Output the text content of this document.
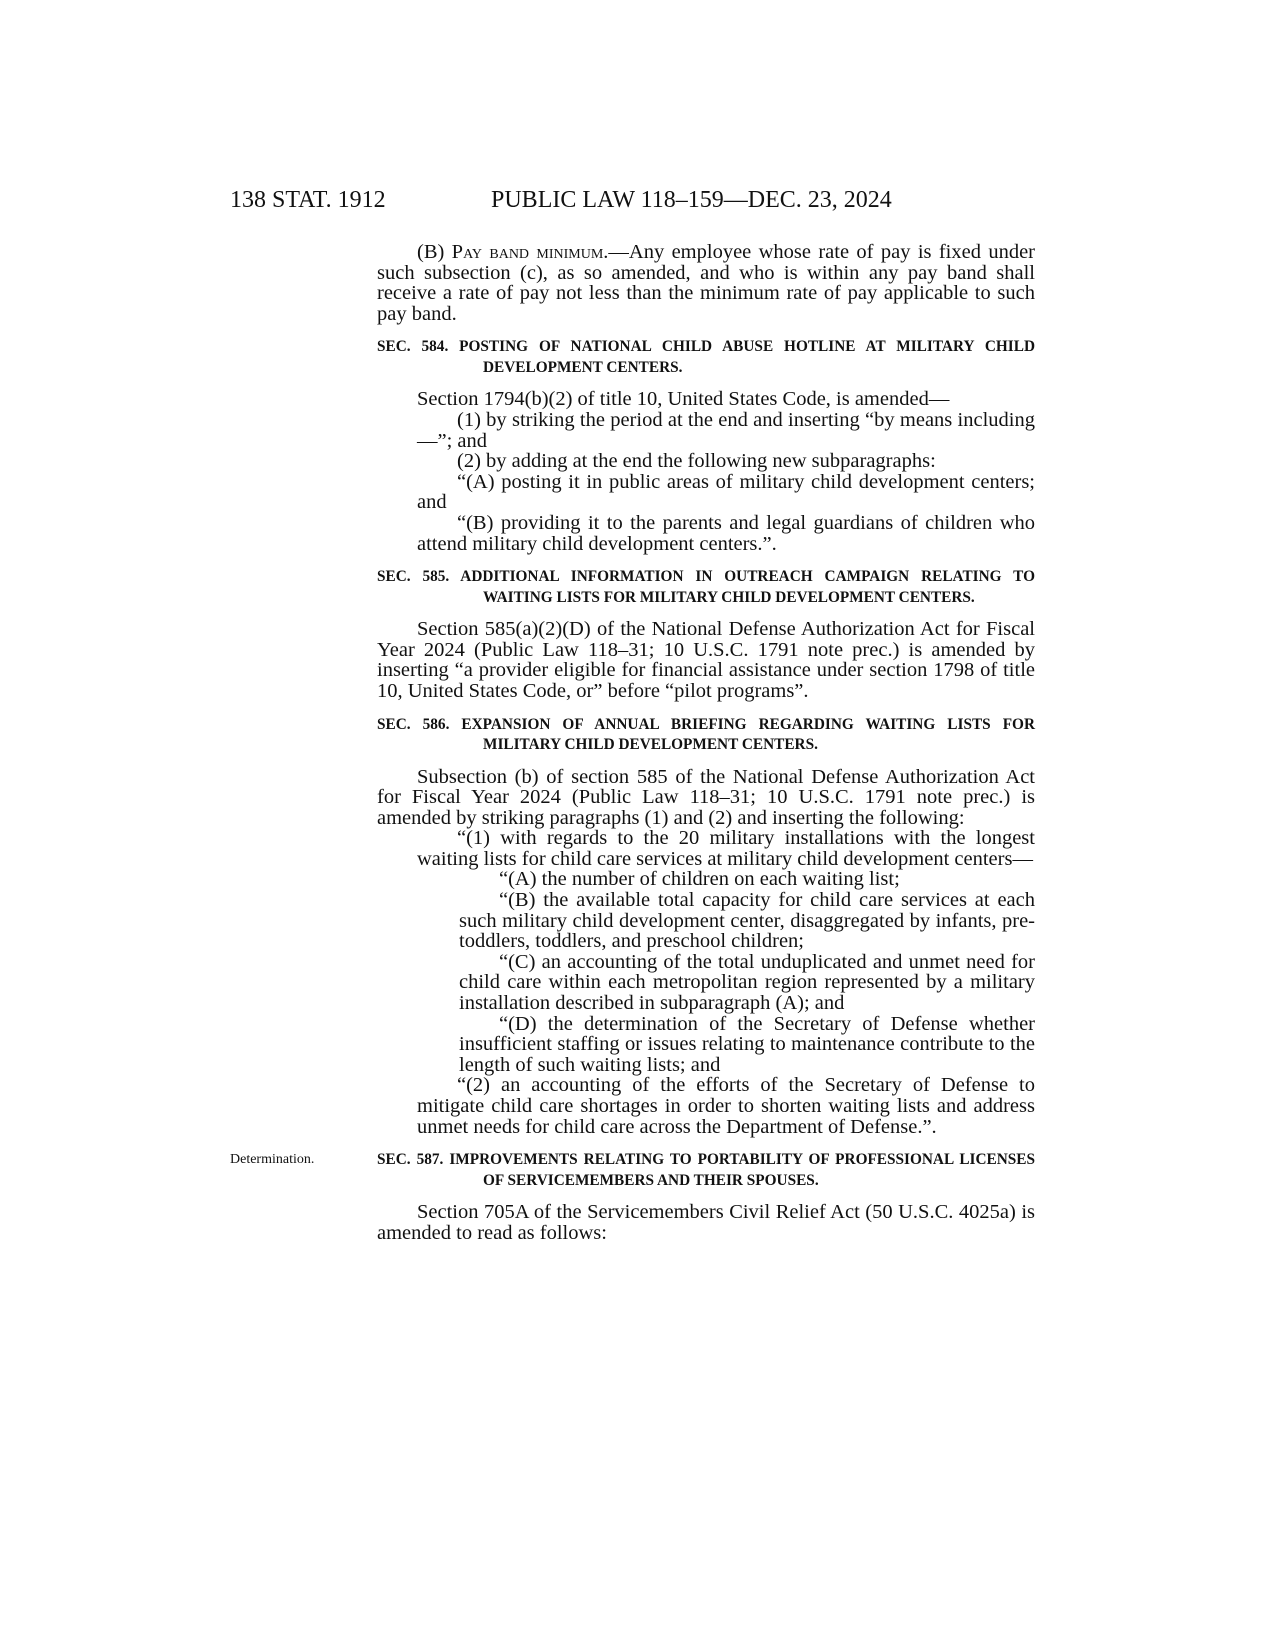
138 STAT. 1912	PUBLIC LAW 118–159—DEC. 23, 2024
Determination.

(B) Pay band minimum.—Any employee whose rate of pay is fixed under such subsection (c), as so amended, and who is within any pay band shall receive a rate of pay not less than the minimum rate of pay applicable to such pay band.

SEC. 584. POSTING OF NATIONAL CHILD ABUSE HOTLINE AT MILITARY CHILD DEVELOPMENT CENTERS.

Section 1794(b)(2) of title 10, United States Code, is amended—

(1) by striking the period at the end and inserting “by means including—”; and

(2) by adding at the end the following new subparagraphs:

“(A) posting it in public areas of military child development centers; and

“(B) providing it to the parents and legal guardians of children who attend military child development centers.”.

SEC. 585. ADDITIONAL INFORMATION IN OUTREACH CAMPAIGN RELATING TO WAITING LISTS FOR MILITARY CHILD DEVELOPMENT CENTERS.

Section 585(a)(2)(D) of the National Defense Authorization Act for Fiscal Year 2024 (Public Law 118–31; 10 U.S.C. 1791 note prec.) is amended by inserting “a provider eligible for financial assistance under section 1798 of title 10, United States Code, or” before “pilot programs”.

SEC. 586. EXPANSION OF ANNUAL BRIEFING REGARDING WAITING LISTS FOR MILITARY CHILD DEVELOPMENT CENTERS.

Subsection (b) of section 585 of the National Defense Authorization Act for Fiscal Year 2024 (Public Law 118–31; 10 U.S.C. 1791 note prec.) is amended by striking paragraphs (1) and (2) and inserting the following:

“(1) with regards to the 20 military installations with the longest waiting lists for child care services at military child development centers—

“(A) the number of children on each waiting list;

“(B) the available total capacity for child care services at each such military child development center, disaggregated by infants, pre-toddlers, toddlers, and preschool children;

“(C) an accounting of the total unduplicated and unmet need for child care within each metropolitan region represented by a military installation described in subparagraph (A); and

“(D) the determination of the Secretary of Defense whether insufficient staffing or issues relating to maintenance contribute to the length of such waiting lists; and

“(2) an accounting of the efforts of the Secretary of Defense to mitigate child care shortages in order to shorten waiting lists and address unmet needs for child care across the Department of Defense.”.

SEC. 587. IMPROVEMENTS RELATING TO PORTABILITY OF PROFESSIONAL LICENSES OF SERVICEMEMBERS AND THEIR SPOUSES.

Section 705A of the Servicemembers Civil Relief Act (50 U.S.C. 4025a) is amended to read as follows:
